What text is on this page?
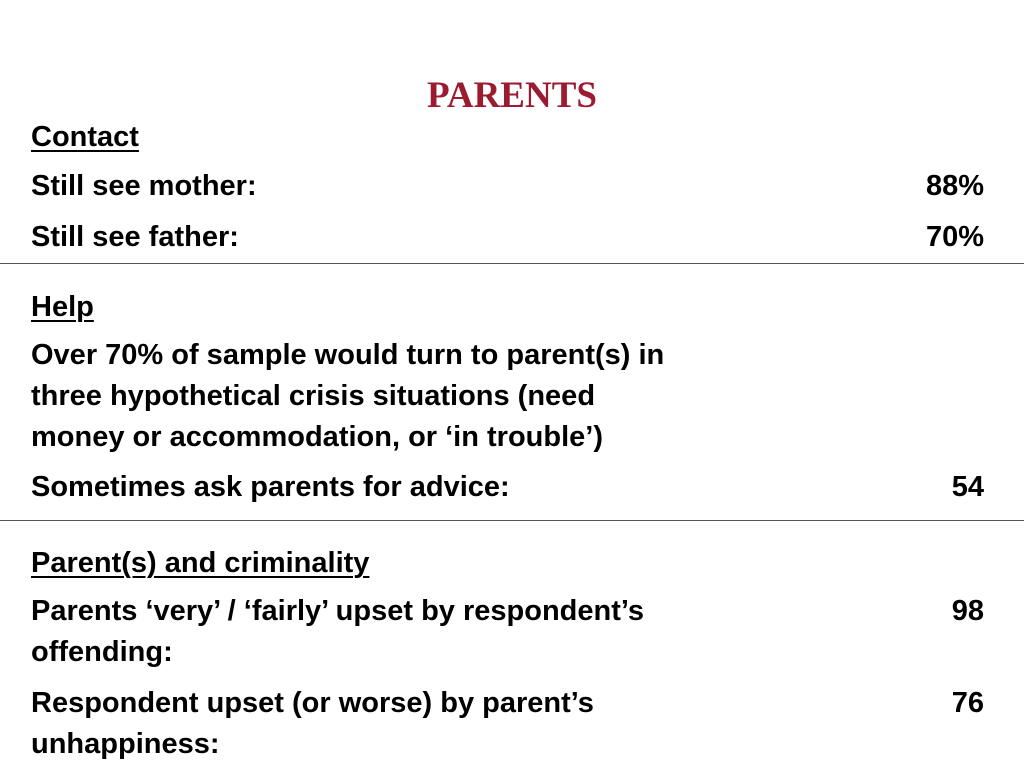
PARENTS
Contact
Still see mother:	88%
Still see father:	70%
Help
Over 70% of sample would turn to parent(s) in
three hypothetical crisis situations (need
money or accommodation, or ‘in trouble’)
Sometimes ask parents for advice:	54
Parent(s) and criminality
Parents ‘very’ / ‘fairly’ upset by respondent’s
offending:
98
Respondent upset (or worse) by parent’s
unhappiness:
76
